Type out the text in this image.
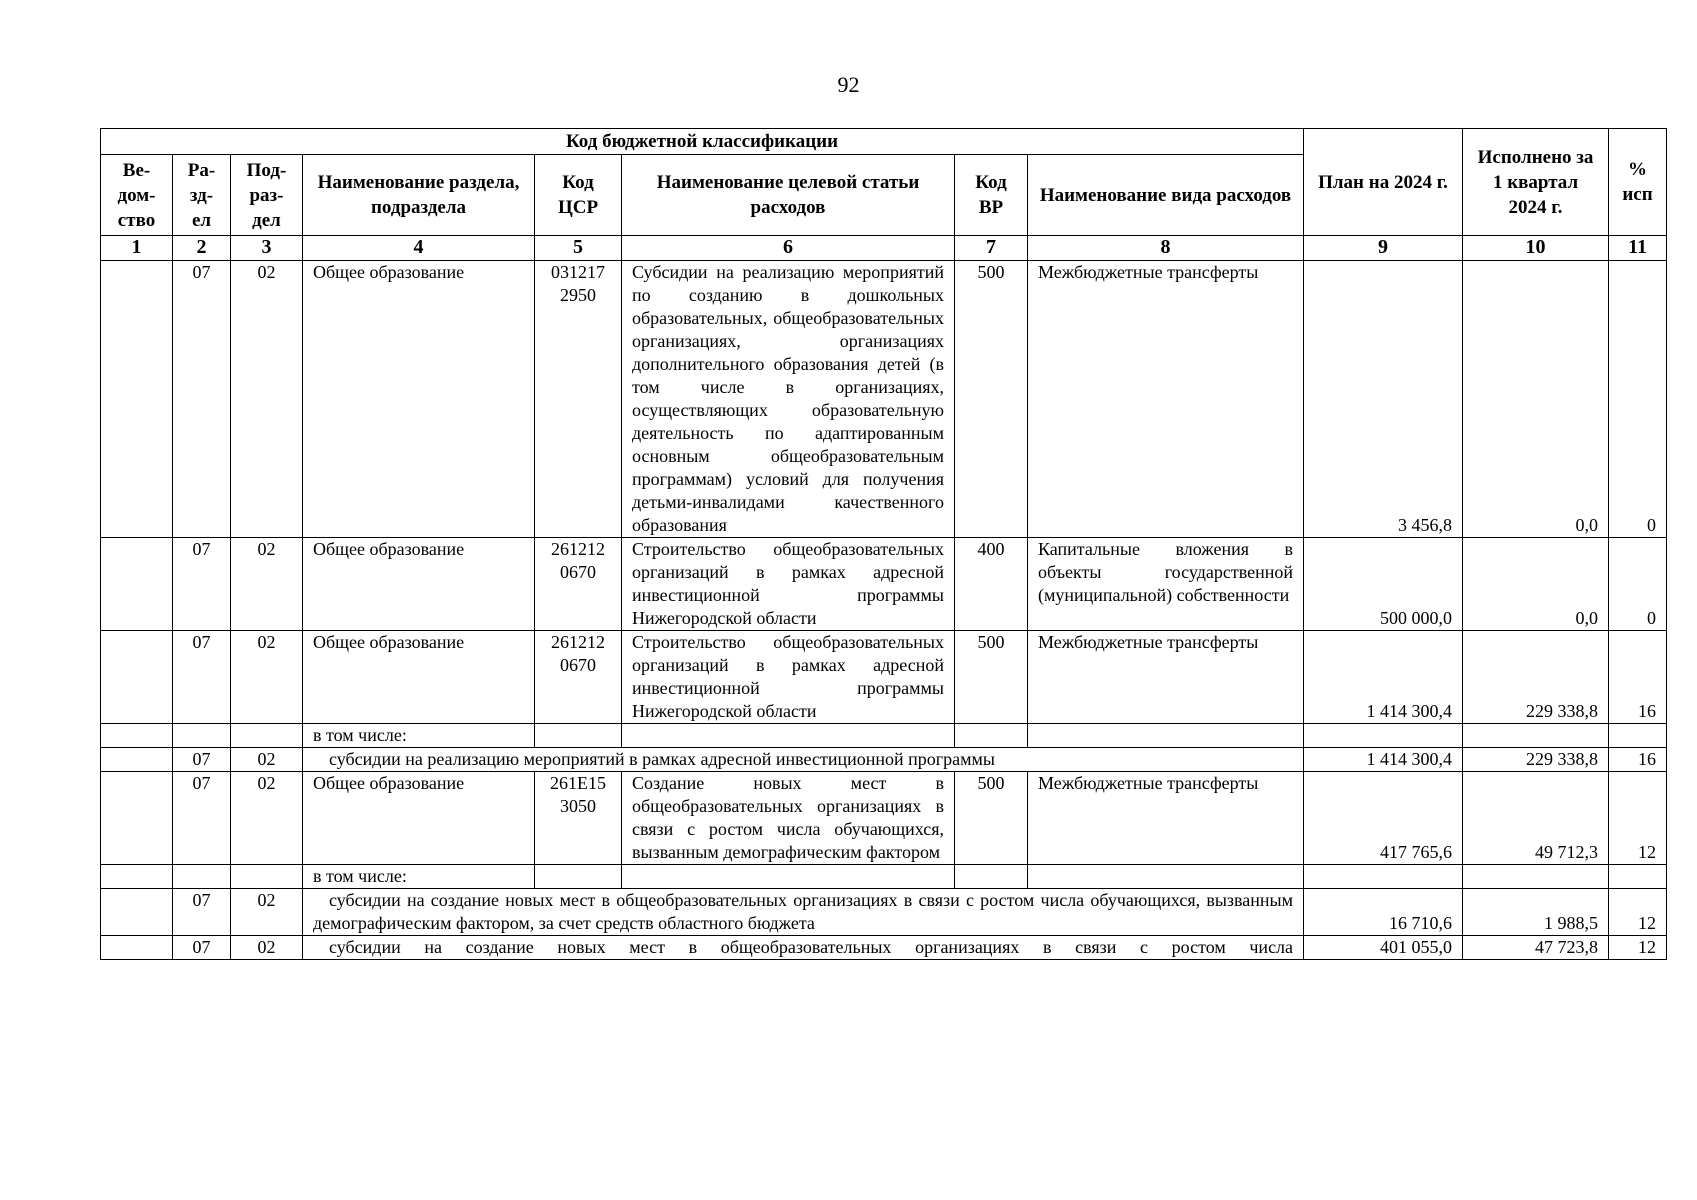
92
Код бюджетной классификации								План на 2024 г.	Исполнено за 1 квартал 2024 г.	% исп
Ве-дом-ство	Ра-зд-ел	Под-раз-дел	Наименование раздела, подраздела	Код ЦСР	Наименование целевой статьи расходов	Код ВР	Наименование вида расходов			
1	2	3	4	5	6	7	8	9	10	11
	07	02	Общее образование	031217 2950	Субсидии на реализацию мероприятий по созданию в дошкольных образовательных, общеобразовательных организациях, организациях дополнительного образования детей (в том числе в организациях, осуществляющих образовательную деятельность по адаптированным основным общеобразовательным программам) условий для получения детьми-инвалидами качественного образования	500	Межбюджетные трансферты	3 456,8	0,0	0
	07	02	Общее образование	261212 0670	Строительство общеобразовательных организаций в рамках адресной инвестиционной программы Нижегородской области	400	Капитальные вложения в объекты государственной (муниципальной) собственности	500 000,0	0,0	0
	07	02	Общее образование	261212 0670	Строительство общеобразовательных организаций в рамках адресной инвестиционной программы Нижегородской области	500	Межбюджетные трансферты	1 414 300,4	229 338,8	16
			в том числе:							
	07	02	субсидии на реализацию мероприятий в рамках адресной инвестиционной программы					1 414 300,4	229 338,8	16
	07	02	Общее образование	261E15 3050	Создание новых мест в общеобразовательных организациях в связи с ростом числа обучающихся, вызванным демографическим фактором	500	Межбюджетные трансферты	417 765,6	49 712,3	12
			в том числе:							
	07	02	субсидии на создание новых мест в общеобразовательных организациях в связи с ростом числа обучающихся, вызванным демографическим фактором, за счет средств областного бюджета					16 710,6	1 988,5	12
	07	02	субсидии на создание новых мест в общеобразовательных организациях в связи с ростом числа					401 055,0	47 723,8	12
